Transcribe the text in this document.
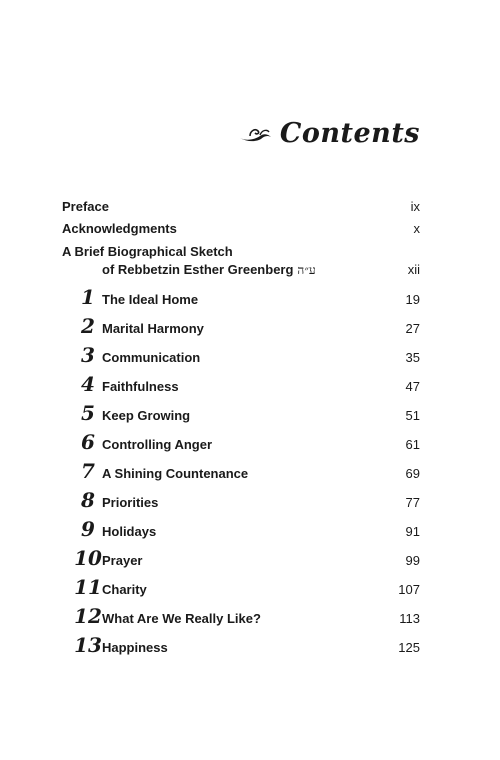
Contents
Preface	ix
Acknowledgments	x
A Brief Biographical Sketch
of Rebbetzin Esther Greenberg ע״ה	xii
1 The Ideal Home	19
2 Marital Harmony	27
3 Communication	35
4 Faithfulness	47
5 Keep Growing	51
6 Controlling Anger	61
7 A Shining Countenance	69
8 Priorities	77
9 Holidays	91
10 Prayer	99
11 Charity	107
12 What Are We Really Like?	113
13 Happiness	125
